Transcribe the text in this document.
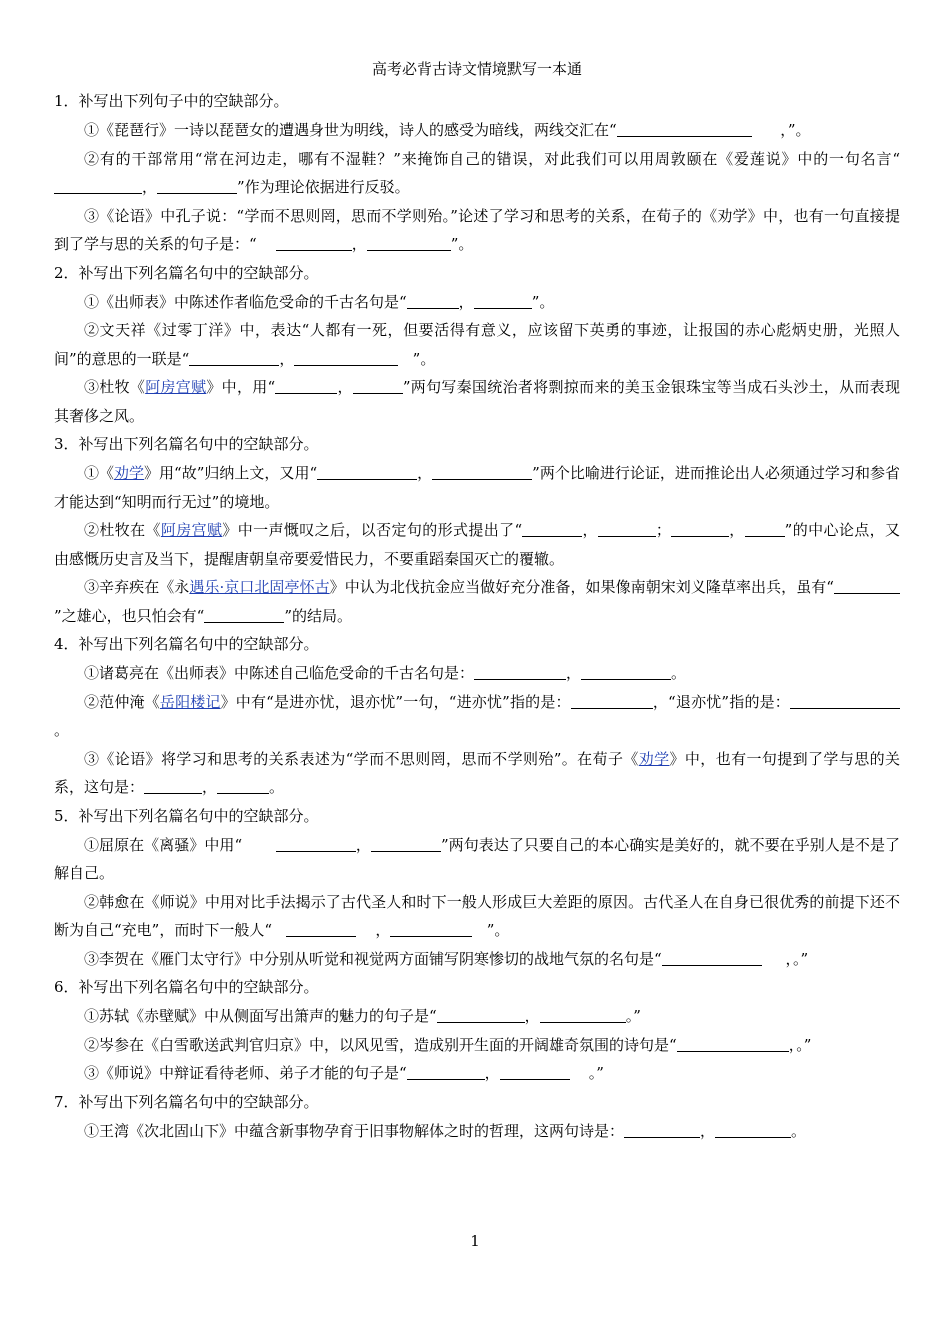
高考必背古诗文情境默写一本通
1．补写出下列句子中的空缺部分。

①《琵琶行》一诗以琵琶女的遭遇身世为明线，诗人的感受为暗线，两线交汇在“	，”。

②有的干部常用“常在河边走，哪有不湿鞋？”来掩饰自己的错误，对此我们可以用周敦颐在《爱莲说》中的一句名言“，	”作为理论依据进行反驳。

③《论语》中孔子说：“学而不思则罔，思而不学则殆。”论述了学习和思考的关系，在荀子的《劝学》中，也有一句直接提到了学与思的关系的句子是：“	，	”。

2．补写出下列名篇名句中的空缺部分。

①《出师表》中陈述作者临危受命的千古名句是“	，	”。

②文天祥《过零丁洋》中，表达“人都有一死，但要活得有意义，应该留下英勇的事迹，让报国的赤心彪炳史册，光照人间”的意思的一联是“	，	”。

③杜牧《阿房宫赋》中，用“	，	”两句写秦国统治者将剽掠而来的美玉金银珠宝等当成石头沙土，从而表现其奢侈之风。

3．补写出下列名篇名句中的空缺部分。

①《劝学》用“故”归纳上文，又用“	，	”两个比喻进行论证，进而推论出人必须通过学习和参省才能达到“知明而行无过”的境地。

②杜牧在《阿房宫赋》中一声慨叹之后，以否定句的形式提出了“	，	；	，	”的中心论点，又由感慨历史言及当下，提醒唐朝皇帝要爱惜民力，不要重蹈秦国灭亡的覆辙。

③辛弃疾在《永遇乐·京口北固亭怀古》中认为北伐抗金应当做好充分准备，如果像南朝宋刘义隆草率出兵，虽有“”之雄心，也只怕会有“	”的结局。

4．补写出下列名篇名句中的空缺部分。

①诸葛亮在《出师表》中陈述自己临危受命的千古名句是：	，	。

②范仲淹《岳阳楼记》中有“是进亦忧，退亦忧”一句，“进亦忧”指的是：	，“退亦忧”指的是：。

③《论语》将学习和思考的关系表述为“学而不思则罔，思而不学则殆”。在荀子《劝学》中，也有一句提到了学与思的关系，这句是：	，	。

5．补写出下列名篇名句中的空缺部分。

①屈原在《离骚》中用“	，	”两句表达了只要自己的本心确实是美好的，就不要在乎别人是不是了解自己。

②韩愈在《师说》中用对比手法揭示了古代圣人和时下一般人形成巨大差距的原因。古代圣人在自身已很优秀的前提下还不断为自己“充电”，而时下一般人“	，	”。

③李贺在《雁门太守行》中分别从听觉和视觉两方面铺写阴寒惨切的战地气氛的名句是“	，。”

6．补写出下列名篇名句中的空缺部分。

①苏轼《赤壁赋》中从侧面写出箫声的魅力的句子是“	，	。”

②岑参在《白雪歌送武判官归京》中，以风见雪，造成别开生面的开阔雄奇氛围的诗句是“	，。”

③《师说》中辩证看待老师、弟子才能的句子是“	，	。”

7．补写出下列名篇名句中的空缺部分。

①王湾《次北固山下》中蕴含新事物孕育于旧事物解体之时的哲理，这两句诗是：	，	。

1
